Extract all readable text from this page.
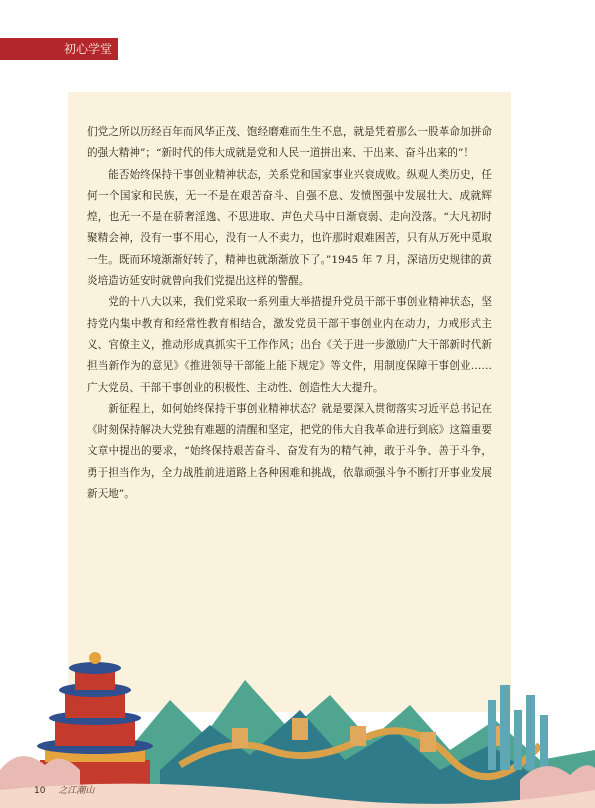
初心学堂

们党之所以历经百年而风华正茂、饱经磨难而生生不息，就是凭着那么一股革命加拼命的强大精神”；“新时代的伟大成就是党和人民一道拼出来、干出来、奋斗出来的”！

能否始终保持干事创业精神状态，关系党和国家事业兴衰成败。纵观人类历史，任何一个国家和民族，无一不是在艰苦奋斗、自强不息、发愤图强中发展壮大、成就辉煌，也无一不是在骄奢淫逸、不思进取、声色犬马中日渐衰弱、走向没落。“大凡初时聚精会神，没有一事不用心，没有一人不卖力，也许那时艰难困苦，只有从万死中觅取一生。既而环境渐渐好转了，精神也就渐渐放下了。”1945 年 7 月，深谙历史规律的黄炎培造访延安时就曾向我们党提出这样的警醒。

党的十八大以来，我们党采取一系列重大举措提升党员干部干事创业精神状态，坚持党内集中教育和经常性教育相结合，激发党员干部干事创业内在动力，力戒形式主义、官僚主义，推动形成真抓实干工作作风；出台《关于进一步激励广大干部新时代新担当新作为的意见》《推进领导干部能上能下规定》等文件，用制度保障干事创业……广大党员、干部干事创业的积极性、主动性、创造性大大提升。

新征程上，如何始终保持干事创业精神状态？就是要深入贯彻落实习近平总书记在《时刻保持解决大党独有难题的清醒和坚定，把党的伟大自我革命进行到底》这篇重要文章中提出的要求，“始终保持艰苦奋斗、奋发有为的精气神，敢于斗争、善于斗争，勇于担当作为，全力战胜前进道路上各种困难和挑战，依靠顽强斗争不断打开事业发展新天地”。

10 之江潮山
